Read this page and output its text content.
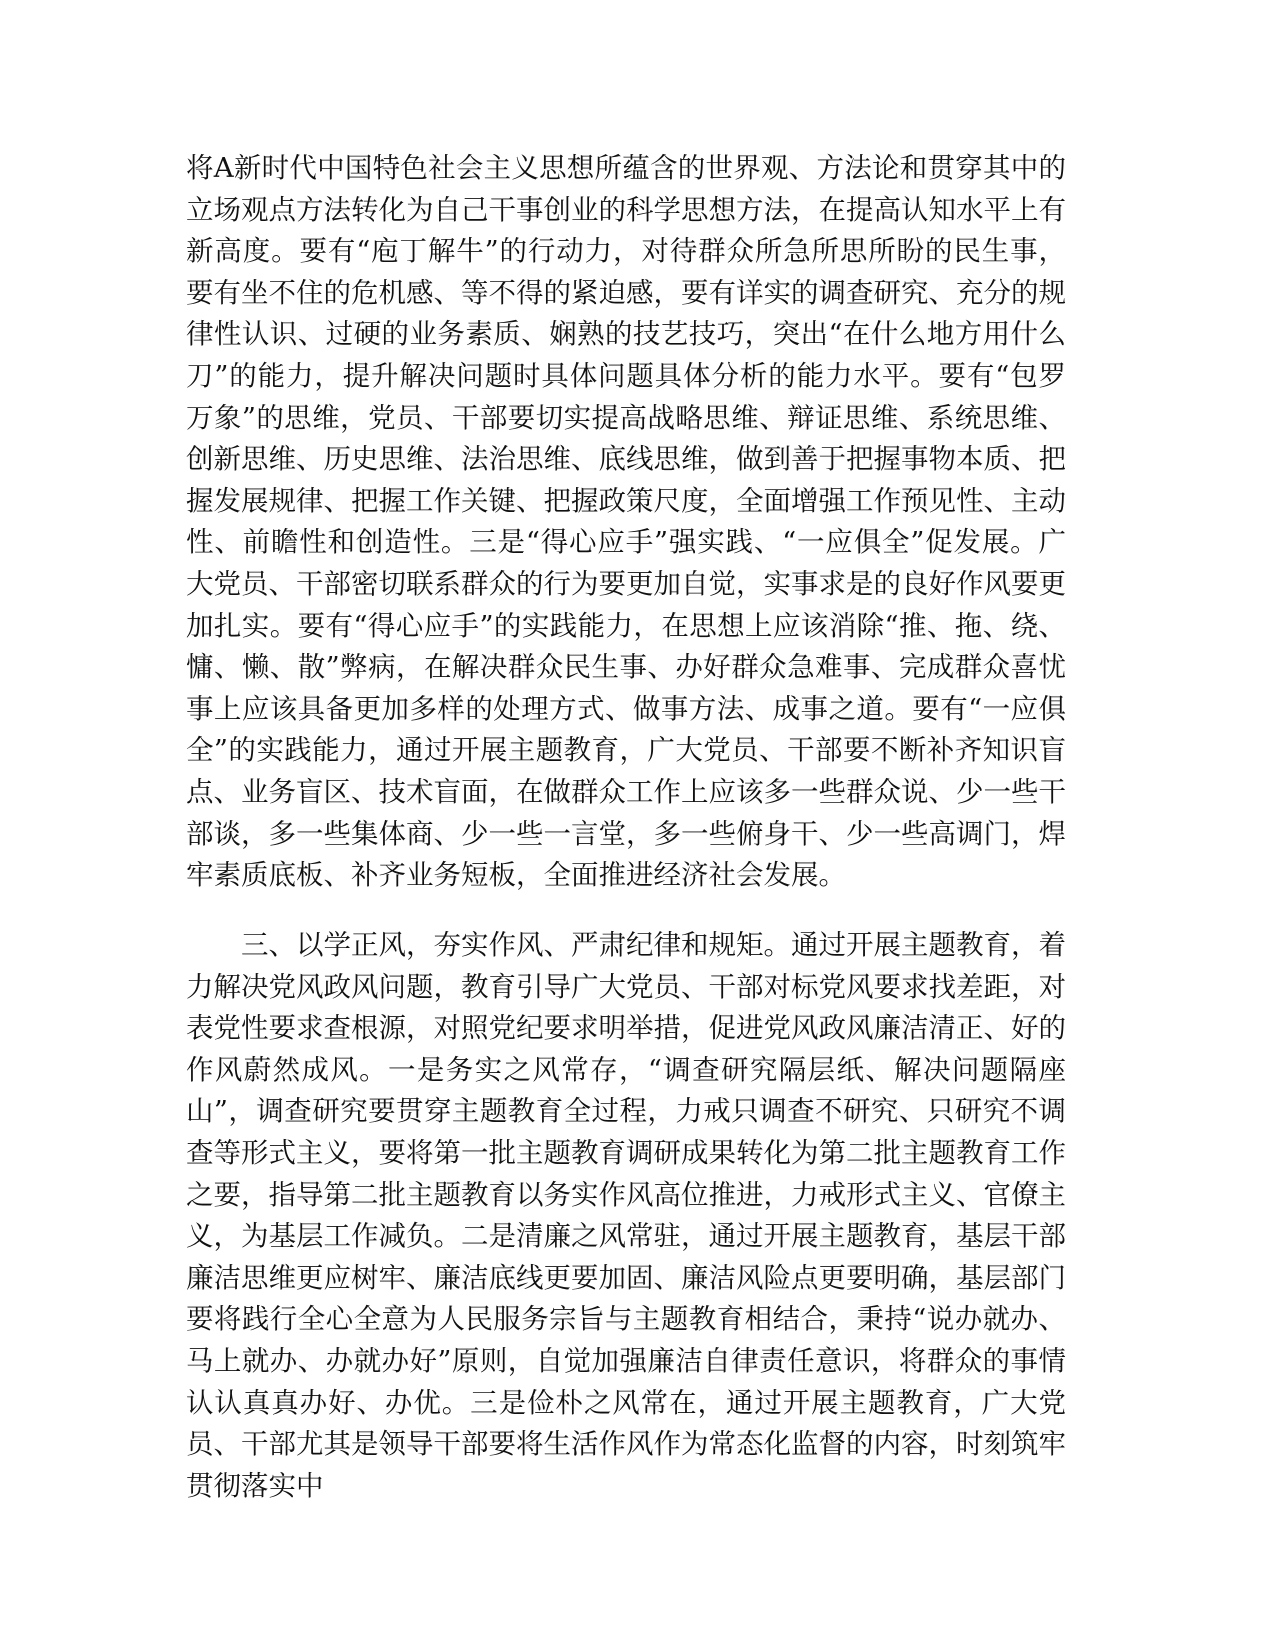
将A新时代中国特色社会主义思想所蕴含的世界观、方法论和贯穿其中的立场观点方法转化为自己干事创业的科学思想方法，在提高认知水平上有新高度。要有“庖丁解牛”的行动力，对待群众所急所思所盼的民生事，要有坐不住的危机感、等不得的紧迫感，要有详实的调查研究、充分的规律性认识、过硬的业务素质、娴熟的技艺技巧，突出“在什么地方用什么刀”的能力，提升解决问题时具体问题具体分析的能力水平。要有“包罗万象”的思维，党员、干部要切实提高战略思维、辩证思维、系统思维、创新思维、历史思维、法治思维、底线思维，做到善于把握事物本质、把握发展规律、把握工作关键、把握政策尺度，全面增强工作预见性、主动性、前瞻性和创造性。三是“得心应手”强实践、“一应俱全”促发展。广大党员、干部密切联系群众的行为要更加自觉，实事求是的良好作风要更加扎实。要有“得心应手”的实践能力，在思想上应该消除“推、拖、绕、慵、懒、散”弊病，在解决群众民生事、办好群众急难事、完成群众喜忧事上应该具备更加多样的处理方式、做事方法、成事之道。要有“一应俱全”的实践能力，通过开展主题教育，广大党员、干部要不断补齐知识盲点、业务盲区、技术盲面，在做群众工作上应该多一些群众说、少一些干部谈，多一些集体商、少一些一言堂，多一些俯身干、少一些高调门，焊牢素质底板、补齐业务短板，全面推进经济社会发展。

三、以学正风，夯实作风、严肃纪律和规矩。通过开展主题教育，着力解决党风政风问题，教育引导广大党员、干部对标党风要求找差距，对表党性要求查根源，对照党纪要求明举措，促进党风政风廉洁清正、好的作风蔚然成风。一是务实之风常存，“调查研究隔层纸、解决问题隔座山”，调查研究要贯穿主题教育全过程，力戒只调查不研究、只研究不调查等形式主义，要将第一批主题教育调研成果转化为第二批主题教育工作之要，指导第二批主题教育以务实作风高位推进，力戒形式主义、官僚主义，为基层工作减负。二是清廉之风常驻，通过开展主题教育，基层干部廉洁思维更应树牢、廉洁底线更要加固、廉洁风险点更要明确，基层部门要将践行全心全意为人民服务宗旨与主题教育相结合，秉持“说办就办、马上就办、办就办好”原则，自觉加强廉洁自律责任意识，将群众的事情认认真真办好、办优。三是俭朴之风常在，通过开展主题教育，广大党员、干部尤其是领导干部要将生活作风作为常态化监督的内容，时刻筑牢贯彻落实中
